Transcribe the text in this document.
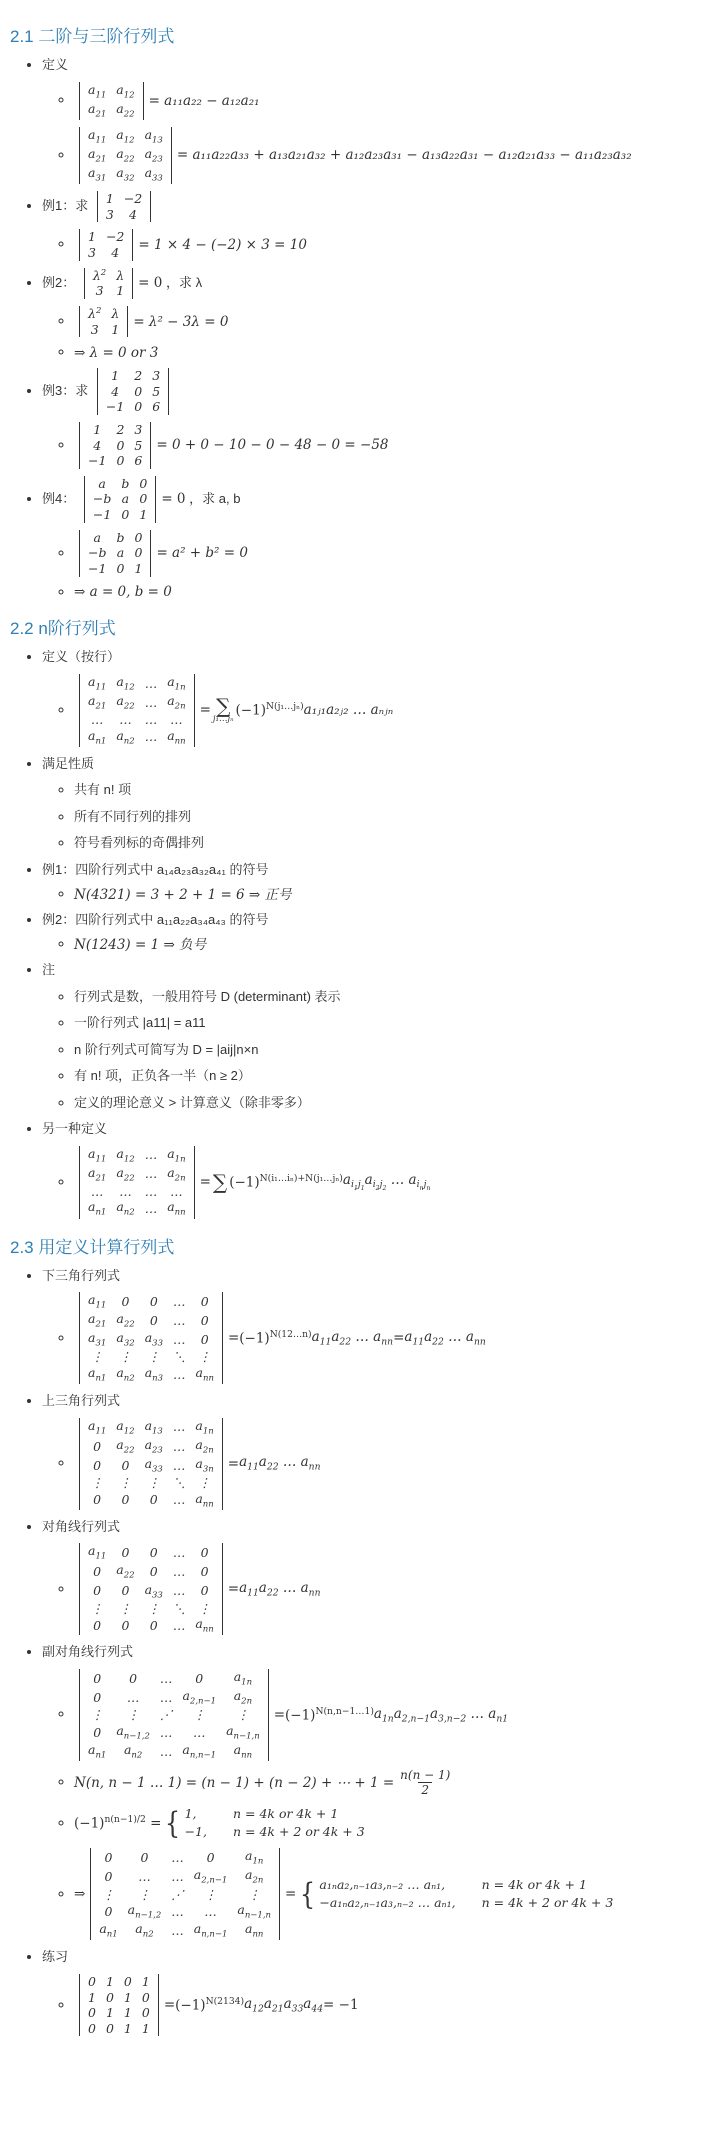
2.1 二阶与三阶行列式
• 定义
◦ $a_{11}$	$a_{12}$
$a_{21}$	$a_{22}$
= a₁₁a₂₂ − a₁₂a₂₁
◦ $a_{11}$	$a_{12}$	$a_{13}$
$a_{21}$	$a_{22}$	$a_{23}$
$a_{31}$	$a_{32}$	$a_{33}$
= a₁₁a₂₂a₃₃ + a₁₃a₂₁a₃₂ + a₁₂a₂₃a₃₁ − a₁₃a₂₂a₃₁ − a₁₂a₂₁a₃₃ − a₁₁a₂₃a₃₂
• 例1：求 1	−2
3	4
◦ 1	−2
3	4 = 1 × 4 − (−2) × 3 = 10
• 例2： $\lambda^2$	λ
3	1 = 0 ，求 λ
◦ $\lambda^2$	λ
3	1 = λ² − 3λ = 0
◦ ⇒ λ = 0 or 3
• 例3：求
1	2	3
4	0	5
−1	0	6
◦ 1	2	3
4	0	5
−1	0	6
= 0 + 0 − 10 − 0 − 48 − 0 = −58
• 例4：
a	b	0
−b	a	0
−1	0	1
= 0 ，求 a, b
◦ a	b	0
−b	a	0
−1	0	1
= a² + b² = 0
◦ ⇒ a = 0, b = 0
2.2 n阶行列式
• 定义（按行）
◦ $a_{11}$	$a_{12}$	…	$a_{1n}$
$a_{21}$	$a_{22}$	…	$a_{2n}$
…	…	…	…
$a_{n1}$	$a_{n2}$	…	$a_{nn}$
= ∑
j₁…jₙ $(-1)^{N(j_1\dots j_n)}$ a₁ⱼ₁a₂ⱼ₂ … aₙⱼₙ
• 满足性质
◦ 共有 n! 项
◦ 所有不同行列的排列
◦ 符号看列标的奇偶排列
• 例1：四阶行列式中 a₁₄a₂₃a₃₂a₄₁ 的符号
◦ N(4321) = 3 + 2 + 1 = 6 ⇒ 正号
• 例2：四阶行列式中 a₁₁a₂₂a₃₄a₄₃ 的符号
◦ N(1243) = 1 ⇒ 负号
• 注
◦ 行列式是数，一般用符号 D (determinant) 表示
◦ 一阶行列式 |a11| = a11
◦ n 阶行列式可简写为 D = |aij|n×n
◦ 有 n! 项，正负各一半（n ≥ 2）
◦ 定义的理论意义 > 计算意义（除非零多）
• 另一种定义
◦ $a_{11}$	$a_{12}$	…	$a_{1n}$
$a_{21}$	$a_{22}$	…	$a_{2n}$
…	…	…	…
$a_{n1}$	$a_{n2}$	…	$a_{nn}$
= ∑ $(-1)^{N(i_1\dots i_n)+N(j_1\dots j_n)}$ $a_{i_1j_1}a_{i_2j_2}$ … $a_{i_nj_n}$
2.3 用定义计算行列式
• 下三角行列式
◦ $a_{11}$	0	0	…	0
$a_{21}$	$a_{22}$	0	…	0
$a_{31}$	$a_{32}$	$a_{33}$	…	0
⋮	⋮	⋮	⋱	⋮
$a_{n1}$	$a_{n2}$	$a_{n3}$	…	$a_{nn}$
= $(-1)^{N(12\dots n)}$ $a_{11}a_{22}$ … $a_{nn} = a_{11}a_{22}$ … $a_{nn}$
• 上三角行列式
◦ $a_{11}$	$a_{12}$	$a_{13}$	…	$a_{1n}$
0	$a_{22}$	$a_{23}$	…	$a_{2n}$
0	0	$a_{33}$	…	$a_{3n}$
⋮	⋮	⋮	⋱	⋮
0	0	0	…	$a_{nn}$
= $a_{11}a_{22}$ … $a_{nn}$
• 对角线行列式
◦ $a_{11}$	0	0	…	0
0	$a_{22}$	0	…	0
0	0	$a_{33}$	…	0
⋮	⋮	⋮	⋱	⋮
0	0	0	…	$a_{nn}$
= $a_{11}a_{22}$ … $a_{nn}$
• 副对角线行列式
◦ 0	0	…	0	$a_{1n}$
0	…	…	$a_{2,n-1}$	$a_{2n}$
⋮	⋮	⋰	⋮	⋮
0	$a_{n-1,2}$	…	…	$a_{n-1,n}$
$a_{n1}$	$a_{n2}$	…	$a_{n,n-1}$	$a_{nn}$
= $(-1)^{N(n,n-1\dots 1)}$ $a_{1n}a_{2,n-1}a_{3,n-2}$ … $a_{n1}$
◦ N(n, n − 1 … 1) = (n − 1) + (n − 2) + ⋯ + $1 = \frac{n(n - 1)}{2}$
◦ $(-1)^{n(n-1)/2}$ = { 1,	n = 4k or 4k + 1
−1,	n = 4k + 2 or 4k + 3
◦ ⇒
0	0	…	0	$a_{1n}$
0	…	…	$a_{2,n-1}$	$a_{2n}$
⋮	⋮	⋰	⋮	⋮
0	$a_{n-1,2}$	…	…	$a_{n-1,n}$
$a_{n1}$	$a_{n2}$	…	$a_{n,n-1}$	$a_{nn}$
= { a₁ₙa₂,ₙ₋₁a₃,ₙ₋₂ … aₙ₁,	n = 4k or 4k + 1
−a₁ₙa₂,ₙ₋₁a₃,ₙ₋₂ … aₙ₁,	n = 4k + 2 or 4k + 3
• 练习
◦ 0	1	0	1
1	0	1	0
0	1	1	0
0	0	1	1
= $(-1)^{N(2134)}$ $a_{12}a_{21}a_{33}a_{44} = -1$
